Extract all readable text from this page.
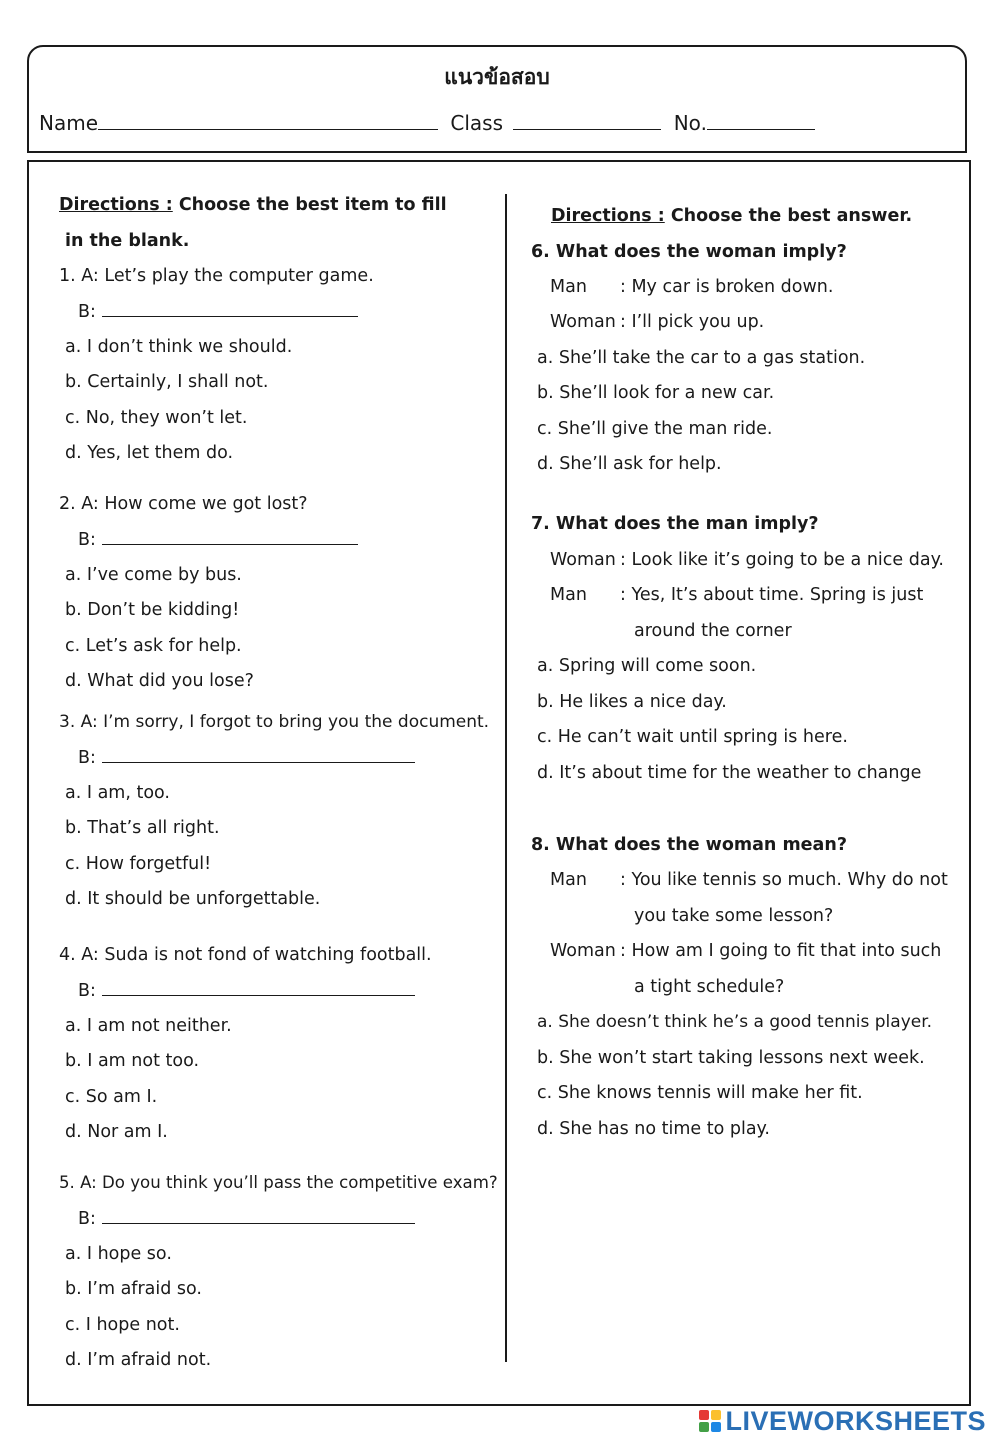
แนวข้อสอบ
Name	Class	No.
Directions : Choose the best item to fill
in the blank.
1. A: Let’s play the computer game.
B:
a. I don’t think we should.
b. Certainly, I shall not.
c. No, they won’t let.
d. Yes, let them do.
2. A: How come we got lost?
B:
a. I’ve come by bus.
b. Don’t be kidding!
c. Let’s ask for help.
d. What did you lose?
3. A: I’m sorry, I forgot to bring you the document.
B:
a. I am, too.
b. That’s all right.
c. How forgetful!
d. It should be unforgettable.
4. A: Suda is not fond of watching football.
B:
a. I am not neither.
b. I am not too.
c. So am I.
d. Nor am I.
5. A: Do you think you’ll pass the competitive exam?
B:
a. I hope so.
b. I’m afraid so.
c. I hope not.
d. I’m afraid not.
Directions : Choose the best answer.
6. What does the woman imply?
Man : My car is broken down.
Woman : I’ll pick you up.
a. She’ll take the car to a gas station.
b. She’ll look for a new car.
c. She’ll give the man ride.
d. She’ll ask for help.
7. What does the man imply?
Woman : Look like it’s going to be a nice day.
Man : Yes, It’s about time. Spring is just
around the corner
a. Spring will come soon.
b. He likes a nice day.
c. He can’t wait until spring is here.
d. It’s about time for the weather to change
8. What does the woman mean?
Man : You like tennis so much. Why do not
you take some lesson?
Woman : How am I going to fit that into such
a tight schedule?
a. She doesn’t think he’s a good tennis player.
b. She won’t start taking lessons next week.
c. She knows tennis will make her fit.
d. She has no time to play.
LIVEWORKSHEETS
